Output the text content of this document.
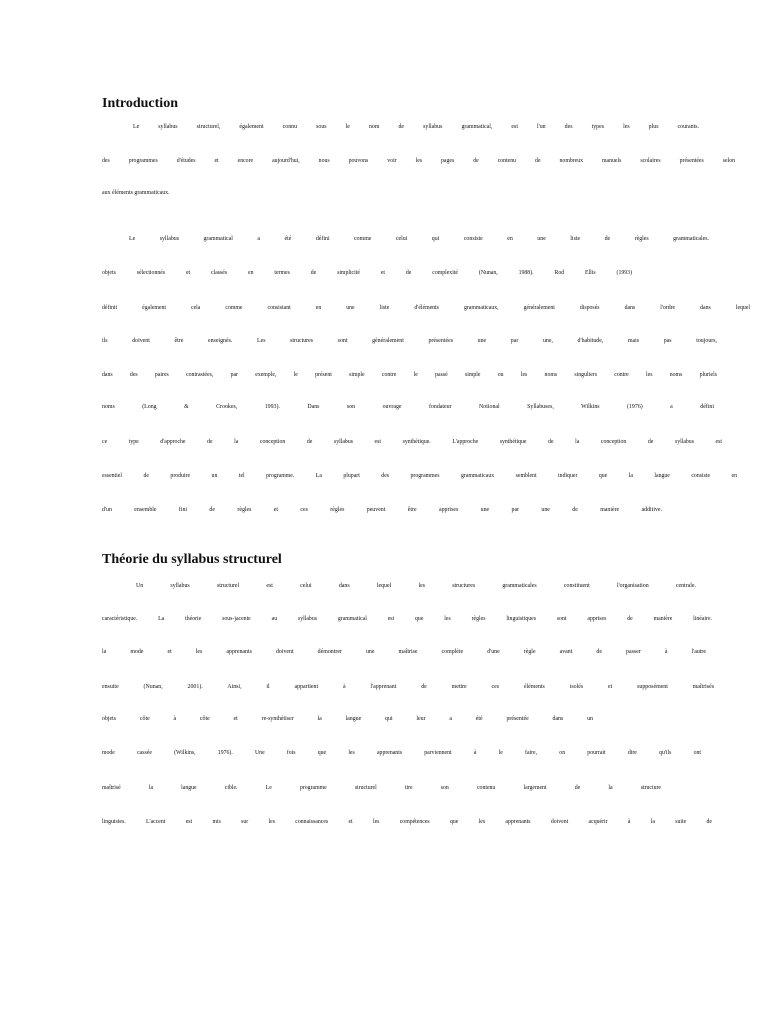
Introduction
Le syllabus structurel, également connu sous le nom de syllabus grammatical, est l'un des types les plus courants.
des programmes d'études et encore aujourd'hui, nous pouvons voir les pages de contenu de nombreux manuels scolaires présentées selon
aux éléments grammaticaux.
Le syllabus grammatical a été défini comme celui qui consiste en une liste de règles grammaticales.
objets sélectionnés et classés en termes de simplicité et de complexité (Nunan, 1988). Rod Ellis (1993)
définit également cela comme consistant en une liste d'éléments grammaticaux, généralement disposés dans l'ordre dans lequel
ils doivent être enseignés. Les structures sont généralement présentées une par une, d'habitude, mais pas toujours,
dans des paires contrastées, par exemple, le présent simple contre le passé simple ou les noms singuliers contre les noms pluriels
noms (Long & Crookes, 1993). Dans son ouvrage fondateur Notional Syllabuses, Wilkins (1976) a défini
ce type d'approche de la conception de syllabus est synthétique. L'approche synthétique de la conception de syllabus est
essentiel de produire un tel programme. La plupart des programmes grammaticaux semblent indiquer que la langue consiste en
d'un ensemble fini de règles et ces règles peuvent être apprises une par une de manière additive.
Théorie du syllabus structurel
Un syllabus structurel est celui dans lequel les structures grammaticales constituent l'organisation centrale.
caractéristique. La théorie sous-jacente au syllabus grammatical est que les règles linguistiques sont apprises de manière linéaire.
la mode et les apprenants doivent démontrer une maîtrise complète d'une règle avant de passer à l'autre
ensuite (Nunan, 2001). Ainsi, il appartient à l'apprenant de mettre ces éléments isolés et supposément maîtrisés
objets côte à côte et re-synthétiser la langue qui leur a été présentée dans un
mode cassée (Wilkins, 1976). Une fois que les apprenants parviennent à le faire, on pourrait dire qu'ils ont
maîtrisé la langue cible. Le programme structurel tire son contenu largement de la structure
linguistes. L'accent est mis sur les connaissances et les compétences que les apprenants doivent acquérir à la suite de
